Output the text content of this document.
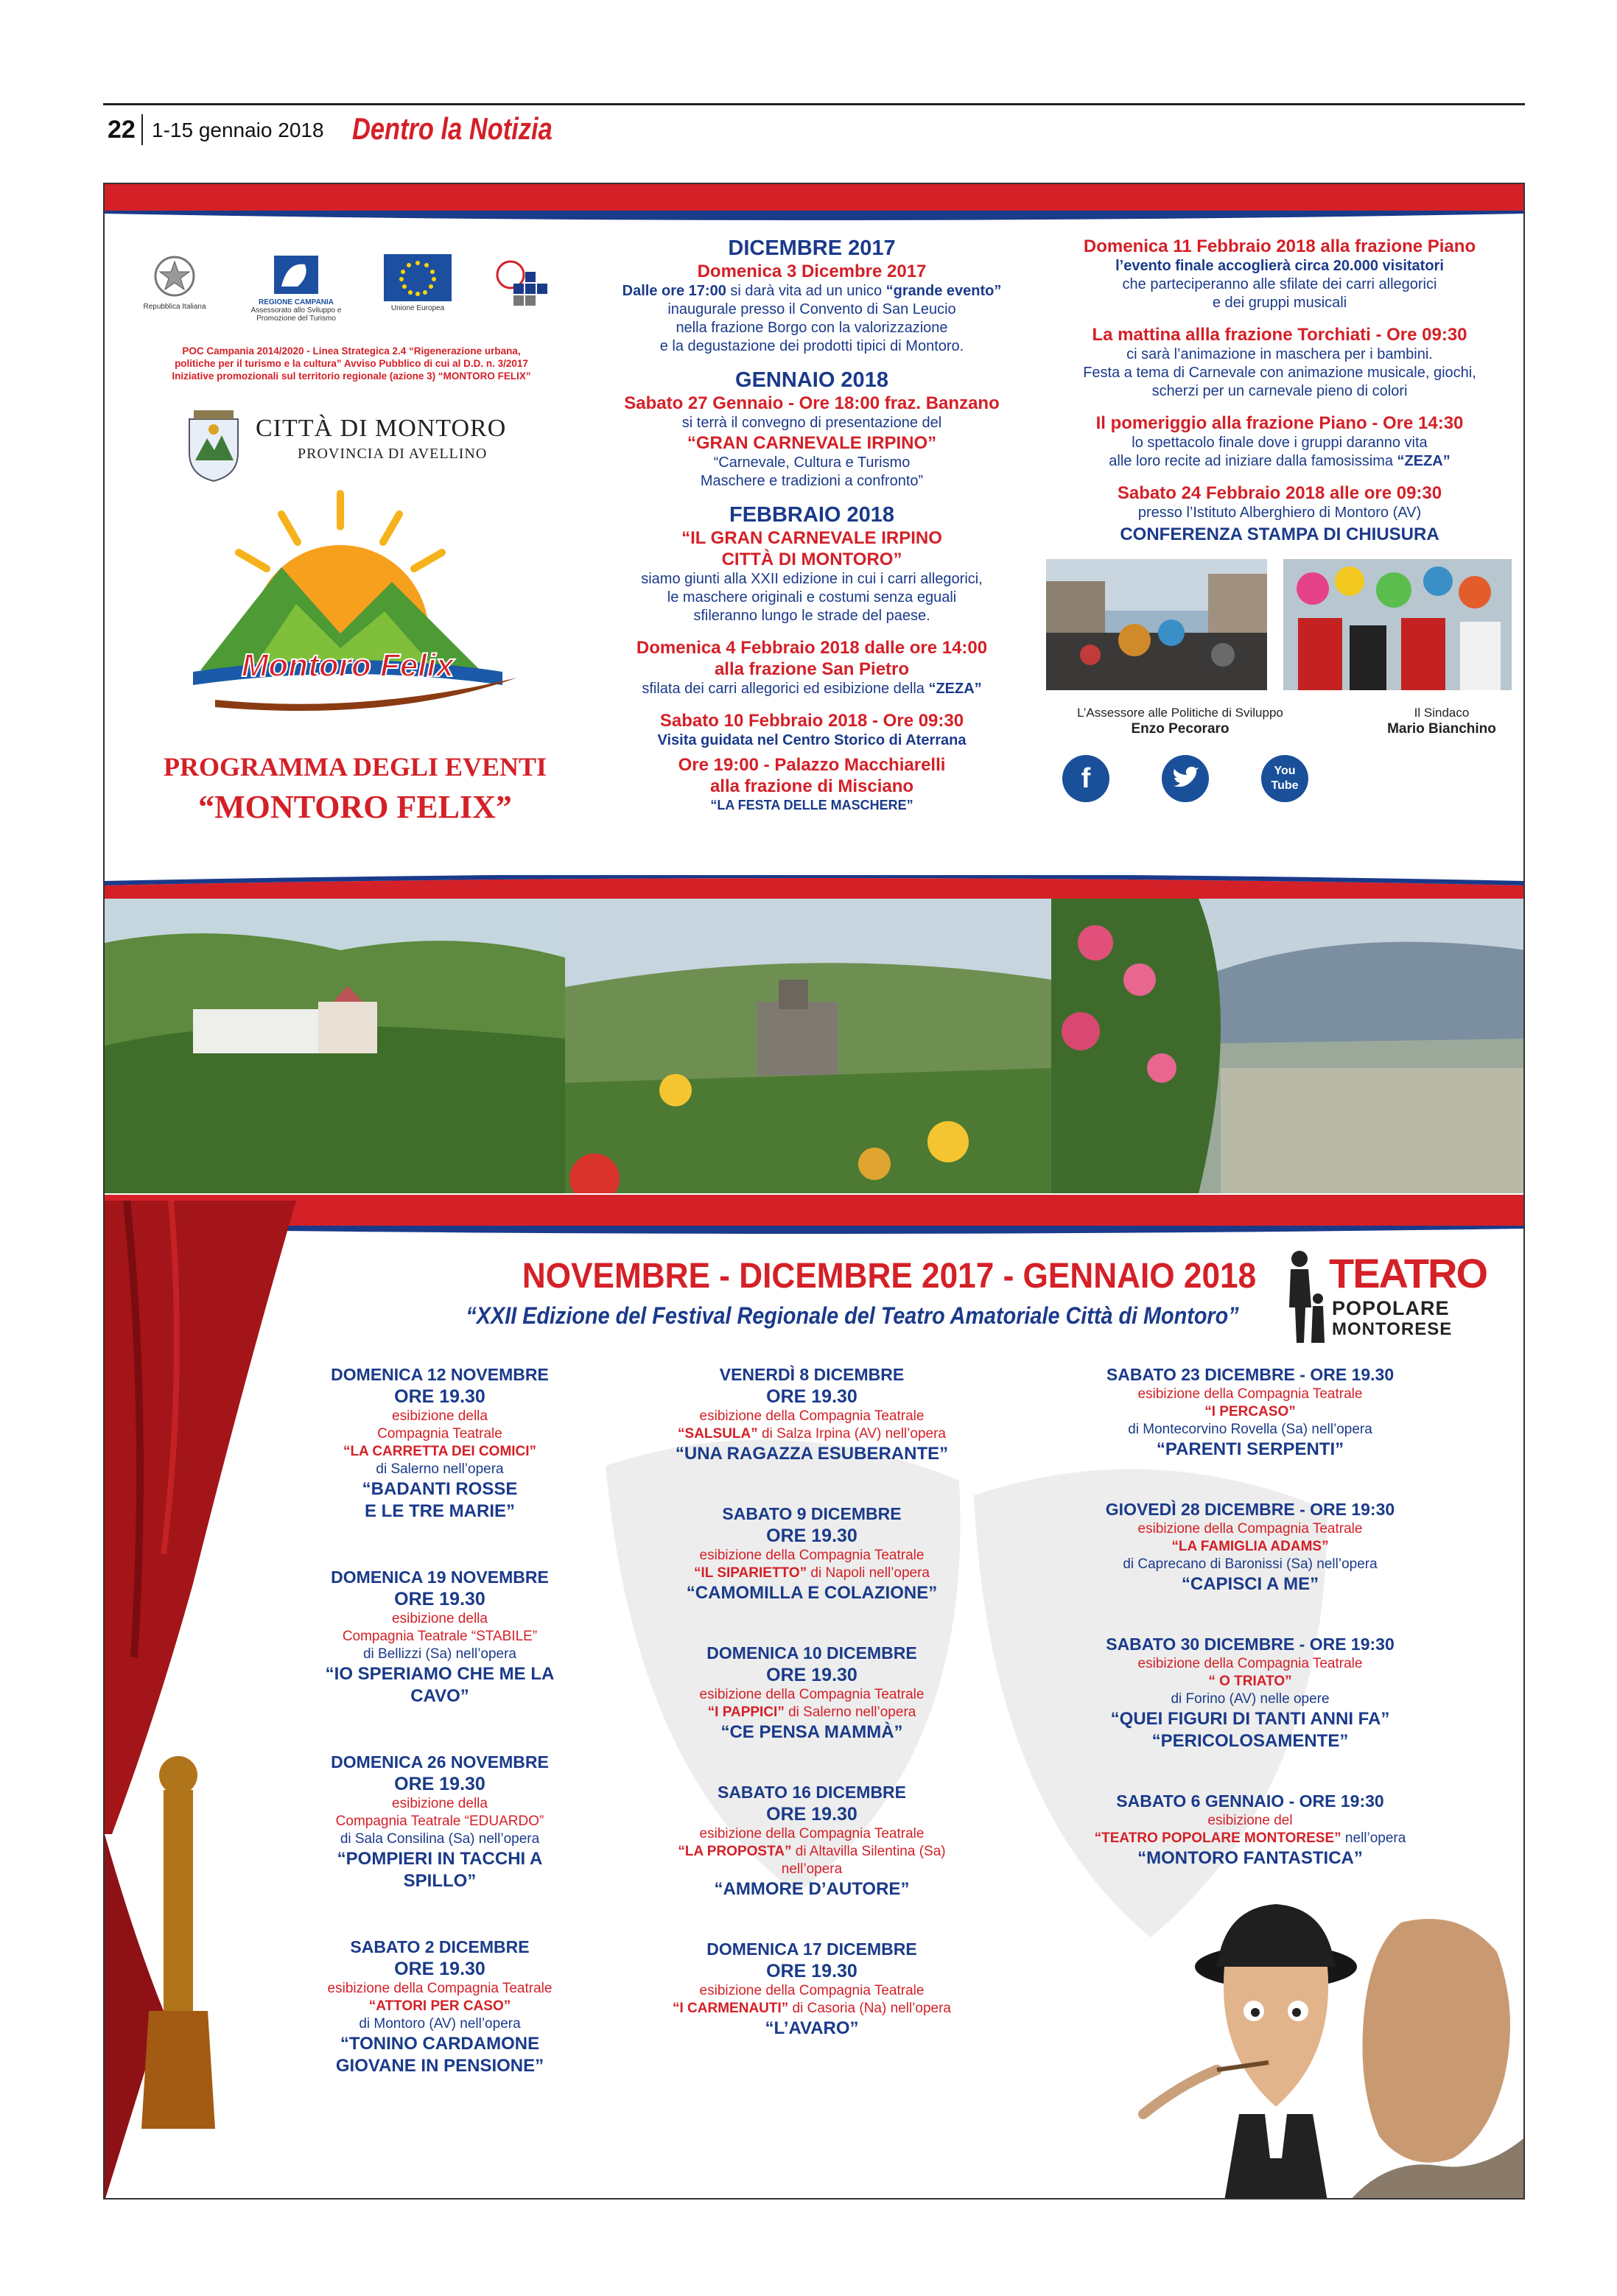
22 1-15 gennaio 2018 Dentro la Notizia
Repubblica Italiana
REGIONE CAMPANIA
Assessorato allo Sviluppo e Promozione del Turismo
Unione Europea
POC Campania 2014/2020 - Linea Strategica 2.4 “Rigenerazione urbana,
politiche per il turismo e la cultura” Avviso Pubblico di cui al D.D. n. 3/2017
Iniziative promozionali sul territorio regionale (azione 3) “MONTORO FELIX”
CITTÀ DI MONTORO
PROVINCIA DI AVELLINO
Montoro Felix
PROGRAMMA DEGLI EVENTI
“MONTORO FELIX”
DICEMBRE 2017
Domenica 3 Dicembre 2017
Dalle ore 17:00 si darà vita ad un unico “grande evento”
inaugurale presso il Convento di San Leucio
nella frazione Borgo con la valorizzazione
e la degustazione dei prodotti tipici di Montoro.
GENNAIO 2018
Sabato 27 Gennaio - Ore 18:00 fraz. Banzano
si terrà il convegno di presentazione del
“GRAN CARNEVALE IRPINO”
“Carnevale, Cultura e Turismo
Maschere e tradizioni a confronto”
FEBBRAIO 2018
“IL GRAN CARNEVALE IRPINO
CITTÀ DI MONTORO”
siamo giunti alla XXII edizione in cui i carri allegorici,
le maschere originali e costumi senza eguali
sfileranno lungo le strade del paese.
Domenica 4 Febbraio 2018 dalle ore 14:00
alla frazione San Pietro
sfilata dei carri allegorici ed esibizione della “ZEZA”
Sabato 10 Febbraio 2018 - Ore 09:30
Visita guidata nel Centro Storico di Aterrana
Ore 19:00 - Palazzo Macchiarelli
alla frazione di Misciano
“LA FESTA DELLE MASCHERE”
Domenica 11 Febbraio 2018 alla frazione Piano
l’evento finale accoglierà circa 20.000 visitatori
che parteciperanno alle sfilate dei carri allegorici
e dei gruppi musicali
La mattina allla frazione Torchiati - Ore 09:30
ci sarà l’animazione in maschera per i bambini.
Festa a tema di Carnevale con animazione musicale, giochi,
scherzi per un carnevale pieno di colori
Il pomeriggio alla frazione Piano - Ore 14:30
lo spettacolo finale dove i gruppi daranno vita
alle loro recite ad iniziare dalla famosissima “ZEZA”
Sabato 24 Febbraio 2018 alle ore 09:30
presso l’Istituto Alberghiero di Montoro (AV)
CONFERENZA STAMPA DI CHIUSURA
L’Assessore alle Politiche di Sviluppo
Enzo Pecoraro
Il Sindaco
Mario Bianchino
f	You
Tube
NOVEMBRE - DICEMBRE 2017 - GENNAIO 2018
“XXII Edizione del Festival Regionale del Teatro Amatoriale Città di Montoro”
TEATRO
POPOLARE
MONTORESE
DOMENICA 12 NOVEMBRE
ORE 19.30
esibizione della
Compagnia Teatrale
“LA CARRETTA DEI COMICI”
di Salerno nell’opera
“BADANTI ROSSE
E LE TRE MARIE”
DOMENICA 19 NOVEMBRE
ORE 19.30
esibizione della
Compagnia Teatrale “STABILE”
di Bellizzi (Sa) nell’opera
“IO SPERIAMO CHE ME LA CAVO”
DOMENICA 26 NOVEMBRE
ORE 19.30
esibizione della
Compagnia Teatrale “EDUARDO”
di Sala Consilina (Sa) nell’opera
“POMPIERI IN TACCHI A SPILLO”
SABATO 2 DICEMBRE
ORE 19.30
esibizione della Compagnia Teatrale
“ATTORI PER CASO”
di Montoro (AV) nell’opera
“TONINO CARDAMONE
GIOVANE IN PENSIONE”
VENERDÌ 8 DICEMBRE
ORE 19.30
esibizione della Compagnia Teatrale
“SALSULA” di Salza Irpina (AV) nell’opera
“UNA RAGAZZA ESUBERANTE”
SABATO 9 DICEMBRE
ORE 19.30
esibizione della Compagnia Teatrale
“IL SIPARIETTO” di Napoli nell’opera
“CAMOMILLA E COLAZIONE”
DOMENICA 10 DICEMBRE
ORE 19.30
esibizione della Compagnia Teatrale
“I PAPPICI” di Salerno nell’opera
“CE PENSA MAMMÀ”
SABATO 16 DICEMBRE
ORE 19.30
esibizione della Compagnia Teatrale
“LA PROPOSTA” di Altavilla Silentina (Sa) nell’opera
“AMMORE D’AUTORE”
DOMENICA 17 DICEMBRE
ORE 19.30
esibizione della Compagnia Teatrale
“I CARMENAUTI” di Casoria (Na) nell’opera
“L’AVARO”
SABATO 23 DICEMBRE - ORE 19.30
esibizione della Compagnia Teatrale
“I PERCASO”
di Montecorvino Rovella (Sa) nell’opera
“PARENTI SERPENTI”
GIOVEDÌ 28 DICEMBRE - ORE 19:30
esibizione della Compagnia Teatrale
“LA FAMIGLIA ADAMS”
di Caprecano di Baronissi (Sa) nell’opera
“CAPISCI A ME”
SABATO 30 DICEMBRE - ORE 19:30
esibizione della Compagnia Teatrale
“ O TRIATO”
di Forino (AV) nelle opere
“QUEI FIGURI DI TANTI ANNI FA”
“PERICOLOSAMENTE”
SABATO 6 GENNAIO - ORE 19:30
esibizione del
“TEATRO POPOLARE MONTORESE” nell’opera
“MONTORO FANTASTICA”
